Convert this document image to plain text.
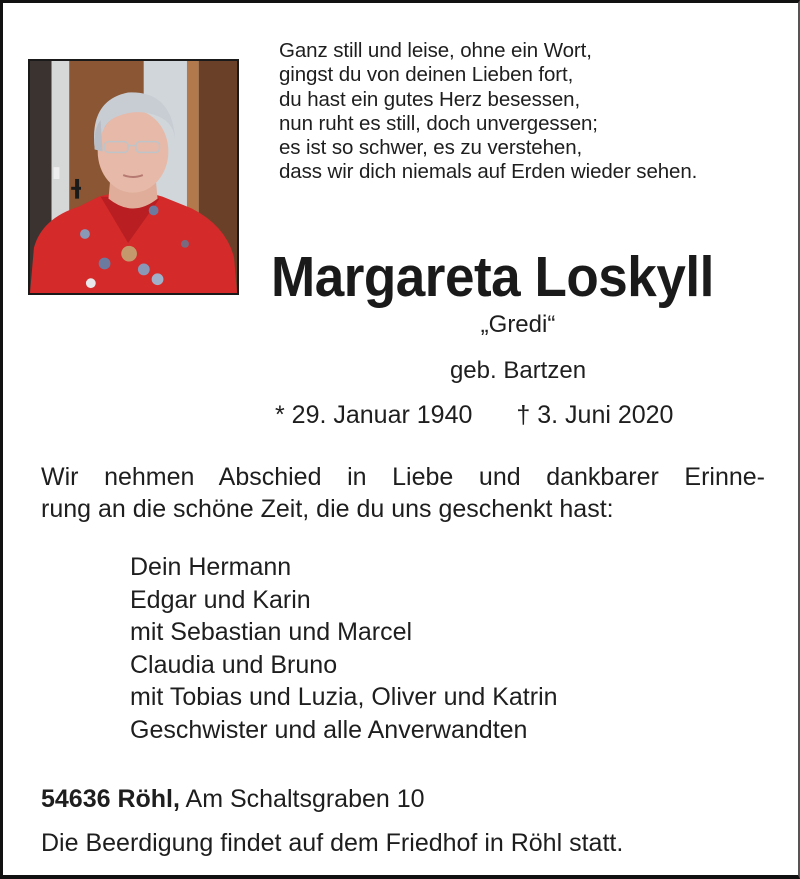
Ganz still und leise, ohne ein Wort,
gingst du von deinen Lieben fort,
du hast ein gutes Herz besessen,
nun ruht es still, doch unvergessen;
es ist so schwer, es zu verstehen,
dass wir dich niemals auf Erden wieder sehen.
Margareta Loskyll
„Gredi“
geb. Bartzen
* 29. Januar 1940 † 3. Juni 2020
Wir nehmen Abschied in Liebe und dankbarer Erinne-
rung an die schöne Zeit, die du uns geschenkt hast:
Dein Hermann
Edgar und Karin
mit Sebastian und Marcel
Claudia und Bruno
mit Tobias und Luzia, Oliver und Katrin
Geschwister und alle Anverwandten
54636 Röhl, Am Schaltsgraben 10
Die Beerdigung findet auf dem Friedhof in Röhl statt.
